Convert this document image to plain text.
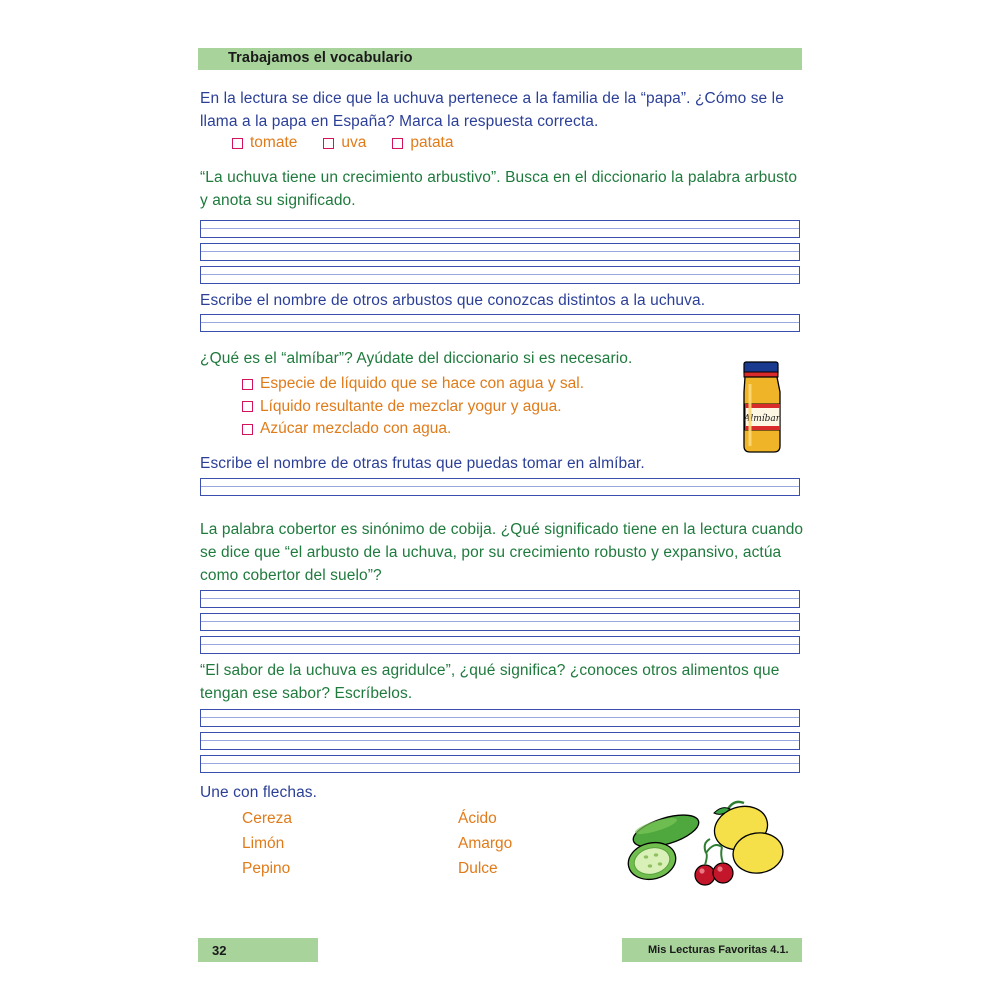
Trabajamos el vocabulario
En la lectura se dice que la uchuva pertenece a la familia de la “papa”. ¿Cómo se le llama a la papa en España? Marca la respuesta correcta.
tomate	uva	patata
“La uchuva tiene un crecimiento arbustivo”. Busca en el diccionario la palabra arbusto y anota su significado.
Escribe el nombre de otros arbustos que conozcas distintos a la uchuva.
¿Qué es el “almíbar”? Ayúdate del diccionario si es necesario.
Especie de líquido que se hace con agua y sal.
Líquido resultante de mezclar yogur y agua.
Azúcar mezclado con agua.
Almíbar
Escribe el nombre de otras frutas que puedas tomar en almíbar.
La palabra cobertor es sinónimo de cobija. ¿Qué significado tiene en la lectura cuando se dice que “el arbusto de la uchuva, por su crecimiento robusto y expansivo, actúa como cobertor del suelo”?
“El sabor de la uchuva es agridulce”, ¿qué significa? ¿conoces otros alimentos que tengan ese sabor? Escríbelos.
Une con flechas.
Cereza
Limón
Pepino
Ácido
Amargo
Dulce
32	Mis Lecturas Favoritas 4.1.
